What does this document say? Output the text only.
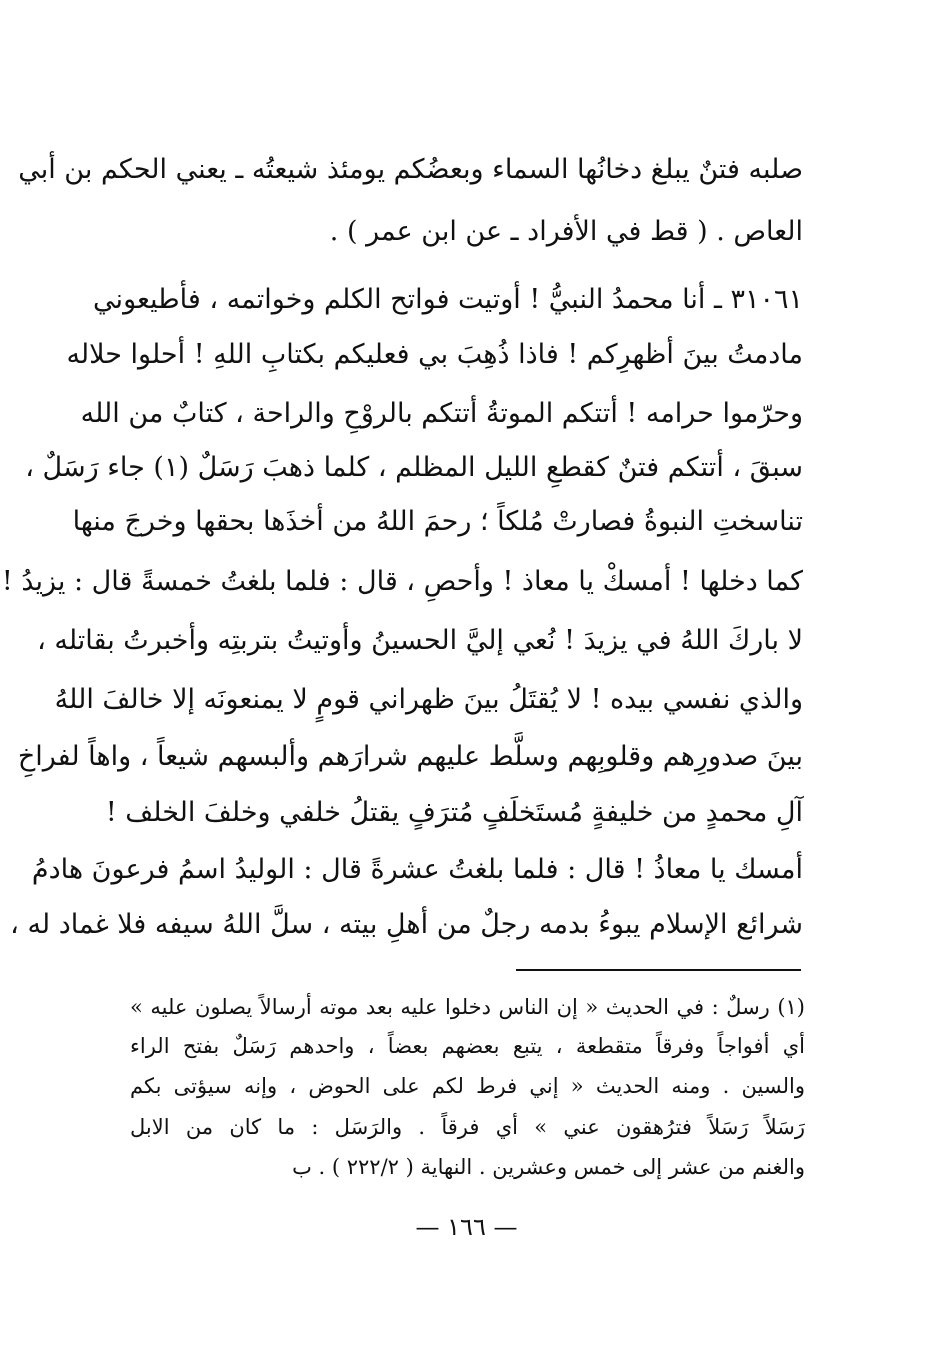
صلبه فتنٌ يبلغ دخانُها السماء وبعضُكم يومئذ شيعتُه ـ يعني الحكم بن أبي
العاص . ( قط في الأفراد ـ عن ابن عمر ) .
٣١٠٦١ ـ أنا محمدُ النبيُّ ! أوتيت فواتح الكلم وخواتمه ، فأطيعوني
مادمتُ بينَ أظهرِكم ! فاذا ذُهِبَ بي فعليكم بكتابِ اللهِ ! أحلوا حلاله
وحرّموا حرامه ! أتتكم الموتةُ أتتكم بالروْحِ والراحة ، كتابٌ من الله
سبقَ ، أتتكم فتنٌ كقطعِ الليل المظلم ، كلما ذهبَ رَسَلٌ (١) جاء رَسَلٌ ،
تناسختِ النبوةُ فصارتْ مُلكاً ؛ رحمَ اللهُ من أخذَها بحقها وخرجَ منها
كما دخلها ! أمسكْ يا معاذ ! وأحصِ ، قال : فلما بلغتُ خمسةً قال : يزيدُ !
لا باركَ اللهُ في يزيدَ ! نُعي إليَّ الحسينُ وأوتيتُ بتربتِه وأخبرتُ بقاتله ،
والذي نفسي بيده ! لا يُقتَلُ بينَ ظهراني قومٍ لا يمنعونَه إلا خالفَ اللهُ
بينَ صدورِهم وقلوبِهم وسلَّط عليهم شرارَهم وألبسهم شيعاً ، واهاً لفراخِ
آلِ محمدٍ من خليفةٍ مُستَخلَفٍ مُترَفٍ يقتلُ خلفي وخلفَ الخلف !
أمسك يا معاذُ ! قال : فلما بلغتُ عشرةً قال : الوليدُ اسمُ فرعونَ هادمُ
شرائع الإسلام يبوءُ بدمه رجلٌ من أهلِ بيته ، سلَّ اللهُ سيفه فلا غماد له ،
(١) رسلٌ : في الحديث « إن الناس دخلوا عليه بعد موته أرسالاً يصلون عليه »
أي أفواجاً وفرقاً متقطعة ، يتبع بعضهم بعضاً ، واحدهم رَسَلٌ بفتح الراء
والسين . ومنه الحديث « إني فرط لكم على الحوض ، وإنه سيؤتى بكم
رَسَلاً رَسَلاً فترُهقون عني » أي فرقاً . والرَسَل : ما كان من الابل
والغنم من عشر إلى خمس وعشرين . النهاية ( ٢٢٢/٢ ) . ب
— ١٦٦ —
